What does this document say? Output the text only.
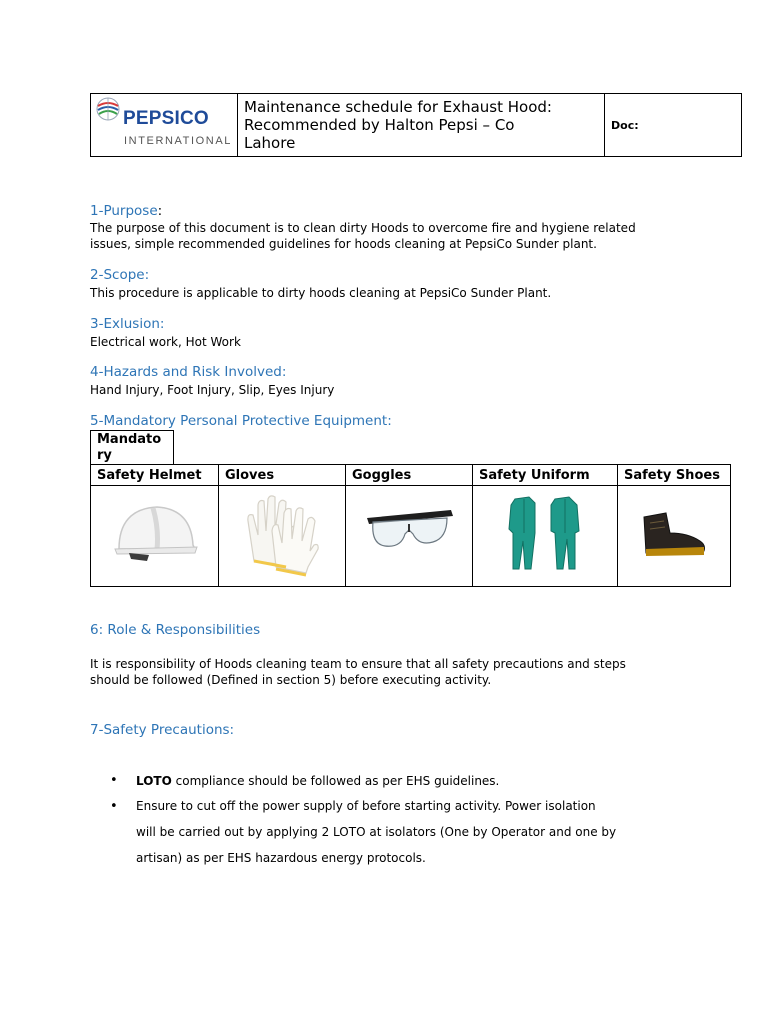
PEPSICO
INTERNATIONAL

Maintenance schedule for Exhaust Hood:
Recommended by Halton Pepsi – Co
Lahore
	Doc:
1-Purpose:
The purpose of this document is to clean dirty Hoods to overcome fire and hygiene related
issues, simple recommended guidelines for hoods cleaning at PepsiCo Sunder plant.
2-Scope:
This procedure is applicable to dirty hoods cleaning at PepsiCo Sunder Plant.
3-Exlusion:
Electrical work, Hot Work
4-Hazards and Risk Involved:
Hand Injury, Foot Injury, Slip, Eyes Injury
5-Mandatory Personal Protective Equipment:
Mandato
ry
Safety Helmet	Gloves	Goggles	Safety Uniform	Safety Shoes

6: Role & Responsibilities
It is responsibility of Hoods cleaning team to ensure that all safety precautions and steps
should be followed (Defined in section 5) before executing activity.
7-Safety Precautions:
• LOTO compliance should be followed as per EHS guidelines.
• Ensure to cut off the power supply of before starting activity. Power isolation
will be carried out by applying 2 LOTO at isolators (One by Operator and one by
artisan) as per EHS hazardous energy protocols.
